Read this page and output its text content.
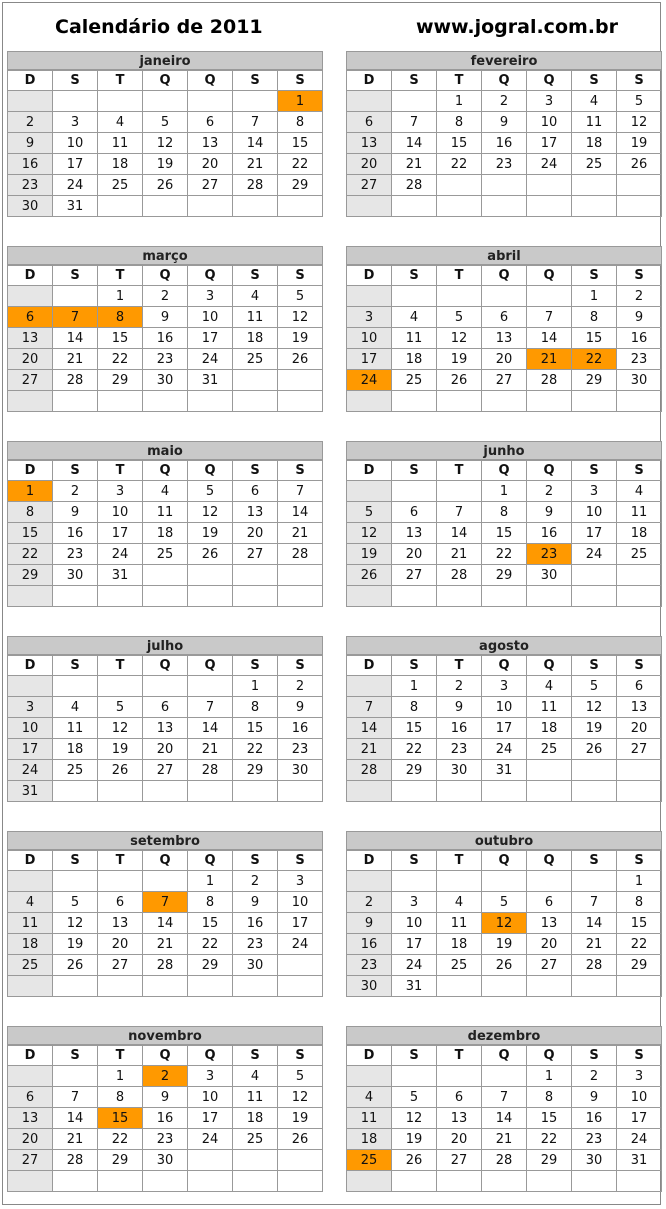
Calendário de 2011	www.jogral.com.br
janeiro
D	S	T	Q	Q	S	S
						1
2	3	4	5	6	7	8
9	10	11	12	13	14	15
16	17	18	19	20	21	22
23	24	25	26	27	28	29
30	31					
fevereiro
D	S	T	Q	Q	S	S
		1	2	3	4	5
6	7	8	9	10	11	12
13	14	15	16	17	18	19
20	21	22	23	24	25	26
27	28					

março
D	S	T	Q	Q	S	S
		1	2	3	4	5
6	7	8	9	10	11	12
13	14	15	16	17	18	19
20	21	22	23	24	25	26
27	28	29	30	31		

abril
D	S	T	Q	Q	S	S
					1	2
3	4	5	6	7	8	9
10	11	12	13	14	15	16
17	18	19	20	21	22	23
24	25	26	27	28	29	30

maio
D	S	T	Q	Q	S	S
1	2	3	4	5	6	7
8	9	10	11	12	13	14
15	16	17	18	19	20	21
22	23	24	25	26	27	28
29	30	31				

junho
D	S	T	Q	Q	S	S
			1	2	3	4
5	6	7	8	9	10	11
12	13	14	15	16	17	18
19	20	21	22	23	24	25
26	27	28	29	30		

julho
D	S	T	Q	Q	S	S
					1	2
3	4	5	6	7	8	9
10	11	12	13	14	15	16
17	18	19	20	21	22	23
24	25	26	27	28	29	30
31						
agosto
D	S	T	Q	Q	S	S
	1	2	3	4	5	6
7	8	9	10	11	12	13
14	15	16	17	18	19	20
21	22	23	24	25	26	27
28	29	30	31			

setembro
D	S	T	Q	Q	S	S
				1	2	3
4	5	6	7	8	9	10
11	12	13	14	15	16	17
18	19	20	21	22	23	24
25	26	27	28	29	30	

outubro
D	S	T	Q	Q	S	S
						1
2	3	4	5	6	7	8
9	10	11	12	13	14	15
16	17	18	19	20	21	22
23	24	25	26	27	28	29
30	31					
novembro
D	S	T	Q	Q	S	S
		1	2	3	4	5
6	7	8	9	10	11	12
13	14	15	16	17	18	19
20	21	22	23	24	25	26
27	28	29	30			

dezembro
D	S	T	Q	Q	S	S
				1	2	3
4	5	6	7	8	9	10
11	12	13	14	15	16	17
18	19	20	21	22	23	24
25	26	27	28	29	30	31
